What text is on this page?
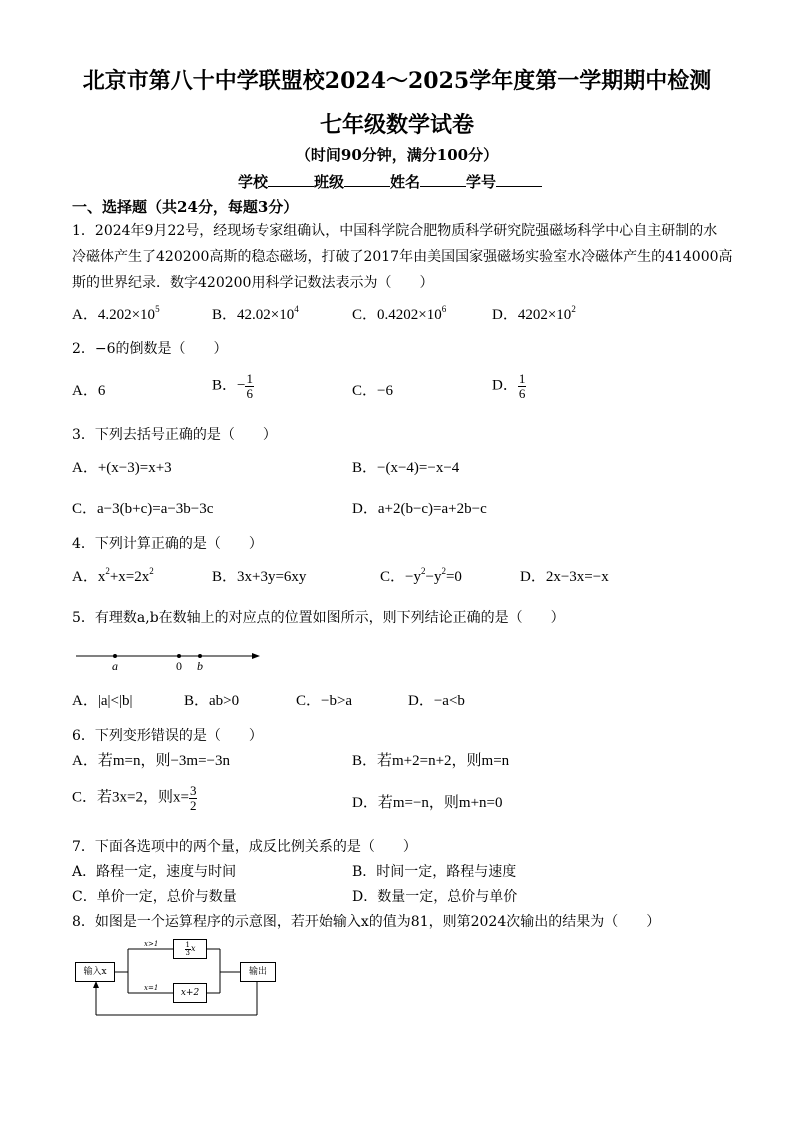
北京市第八十中学联盟校2024～2025学年度第一学期期中检测
七年级数学试卷
（时间90分钟，满分100分）
学校	班级	姓名	学号
一、选择题（共24分，每题3分）
1．2024年9月22号，经现场专家组确认，中国科学院合肥物质科学研究院强磁场科学中心自主研制的水
冷磁体产生了420200高斯的稳态磁场，打破了2017年由美国国家强磁场实验室水冷磁体产生的414000高
斯的世界纪录．数字420200用科学记数法表示为（　　）
A．$4.202\times 10^5$	B．$42.02\times 10^4$	C．$0.4202\times 10^6$	D．$4202\times 10^2$
2．−6的倒数是（　　）
A．6	B．− $\frac{1}{6}$	C．−6	D． $\frac{1}{6}$
3．下列去括号正确的是（　　）
A．+(x−3)=x+3	B．−(x−4)=−x−4
C．a−3(b+c)=a−3b−3c	D．a+2(b−c)=a+2b−c
4．下列计算正确的是（　　）
A．$x^2+x=2x^2$	B．3x+3y=6xy	C．$-y^2-y^2=0$	D．2x−3x=−x
5．有理数a,b在数轴上的对应点的位置如图所示，则下列结论正确的是（　　）
a	0 b
A．|a|<|b|	B．ab>0	C．−b>a	D．−a<b
6．下列变形错误的是（　　）
A．若m=n，则−3m=−3n	B．若m+2=n+2，则m=n
C．若3x=2，则$x= \frac{3}{2}$	D．若m=−n，则m+n=0
7．下面各选项中的两个量，成反比例关系的是（　　）
A．路程一定，速度与时间	B．时间一定，路程与速度
C．单价一定，总价与数量	D．数量一定，总价与单价
8．如图是一个运算程序的示意图，若开始输入x的值为81，则第2024次输出的结果为（　　）
输入x
$\frac{1}{3}$ x
x+2
输出
x>1
x=1
